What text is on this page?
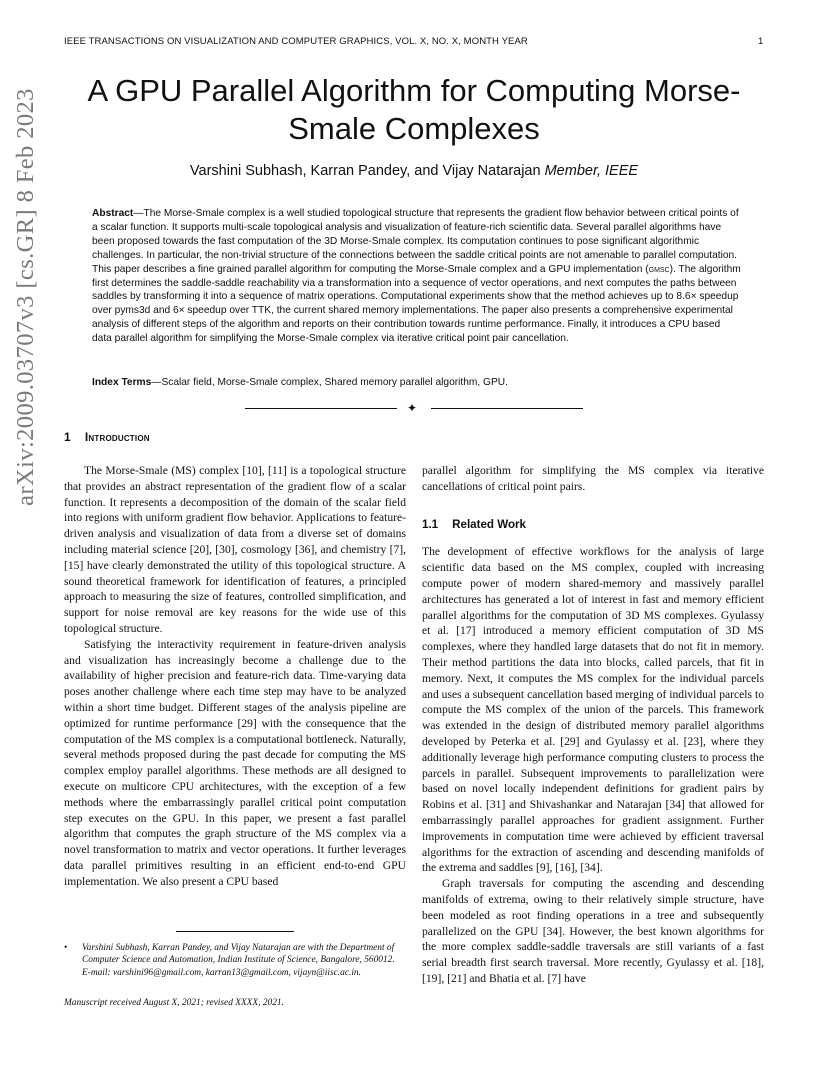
IEEE TRANSACTIONS ON VISUALIZATION AND COMPUTER GRAPHICS, VOL. X, NO. X, MONTH YEAR	1
A GPU Parallel Algorithm for Computing Morse-Smale Complexes
Varshini Subhash, Karran Pandey, and Vijay Natarajan Member, IEEE

Abstract—The Morse-Smale complex is a well studied topological structure that represents the gradient flow behavior between critical points of a scalar function. It supports multi-scale topological analysis and visualization of feature-rich scientific data. Several parallel algorithms have been proposed towards the fast computation of the 3D Morse-Smale complex. Its computation continues to pose significant algorithmic challenges. In particular, the non-trivial structure of the connections between the saddle critical points are not amenable to parallel computation. This paper describes a fine grained parallel algorithm for computing the Morse-Smale complex and a GPU implementation (gmsc). The algorithm first determines the saddle-saddle reachability via a transformation into a sequence of vector operations, and next computes the paths between saddles by transforming it into a sequence of matrix operations. Computational experiments show that the method achieves up to 8.6× speedup over pyms3d and 6× speedup over TTK, the current shared memory implementations. The paper also presents a comprehensive experimental analysis of different steps of the algorithm and reports on their contribution towards runtime performance. Finally, it introduces a CPU based data parallel algorithm for simplifying the Morse-Smale complex via iterative critical point pair cancellation.

Index Terms—Scalar field, Morse-Smale complex, Shared memory parallel algorithm, GPU.

✦
1 Introduction

The Morse-Smale (MS) complex [10], [11] is a topological structure that provides an abstract representation of the gradient flow of a scalar function. It represents a decomposition of the domain of the scalar field into regions with uniform gradient flow behavior. Applications to feature-driven analysis and visualization of data from a diverse set of domains including material science [20], [30], cosmology [36], and chemistry [7], [15] have clearly demonstrated the utility of this topological structure. A sound theoretical framework for identification of features, a principled approach to measuring the size of features, controlled simplification, and support for noise removal are key reasons for the wide use of this topological structure.

Satisfying the interactivity requirement in feature-driven analysis and visualization has increasingly become a challenge due to the availability of higher precision and feature-rich data. Time-varying data poses another challenge where each time step may have to be analyzed within a short time budget. Different stages of the analysis pipeline are optimized for runtime performance [29] with the consequence that the computation of the MS complex is a computational bottleneck. Naturally, several methods proposed during the past decade for computing the MS complex employ parallel algorithms. These methods are all designed to execute on multicore CPU architectures, with the exception of a few methods where the embarrassingly parallel critical point computation step executes on the GPU. In this paper, we present a fast parallel algorithm that computes the graph structure of the MS complex via a novel transformation to matrix and vector operations. It further leverages data parallel primitives resulting in an efficient end-to-end GPU implementation. We also present a CPU based

parallel algorithm for simplifying the MS complex via iterative cancellations of critical point pairs.

1.1 Related Work

The development of effective workflows for the analysis of large scientific data based on the MS complex, coupled with increasing compute power of modern shared-memory and massively parallel architectures has generated a lot of interest in fast and memory efficient parallel algorithms for the computation of 3D MS complexes. Gyulassy et al. [17] introduced a memory efficient computation of 3D MS complexes, where they handled large datasets that do not fit in memory. Their method partitions the data into blocks, called parcels, that fit in memory. Next, it computes the MS complex for the individual parcels and uses a subsequent cancellation based merging of individual parcels to compute the MS complex of the union of the parcels. This framework was extended in the design of distributed memory parallel algorithms developed by Peterka et al. [29] and Gyulassy et al. [23], where they additionally leverage high performance computing clusters to process the parcels in parallel. Subsequent improvements to parallelization were based on novel locally independent definitions for gradient pairs by Robins et al. [31] and Shivashankar and Natarajan [34] that allowed for embarrassingly parallel approaches for gradient assignment. Further improvements in computation time were achieved by efficient traversal algorithms for the extraction of ascending and descending manifolds of the extrema and saddles [9], [16], [34].

Graph traversals for computing the ascending and descending manifolds of extrema, owing to their relatively simple structure, have been modeled as root finding operations in a tree and subsequently parallelized on the GPU [34]. However, the best known algorithms for the more complex saddle-saddle traversals are still variants of a fast serial breadth first search traversal. More recently, Gyulassy et al. [18], [19], [21] and Bhatia et al. [7] have

• Varshini Subhash, Karran Pandey, and Vijay Natarajan are with the Department of Computer Science and Automation, Indian Institute of Science, Bangalore, 560012.
E-mail: varshini96@gmail.com, karran13@gmail.com, vijayn@iisc.ac.in.
Manuscript received August X, 2021; revised XXXX, 2021.
arXiv:2009.03707v3 [cs.GR] 8 Feb 2023
